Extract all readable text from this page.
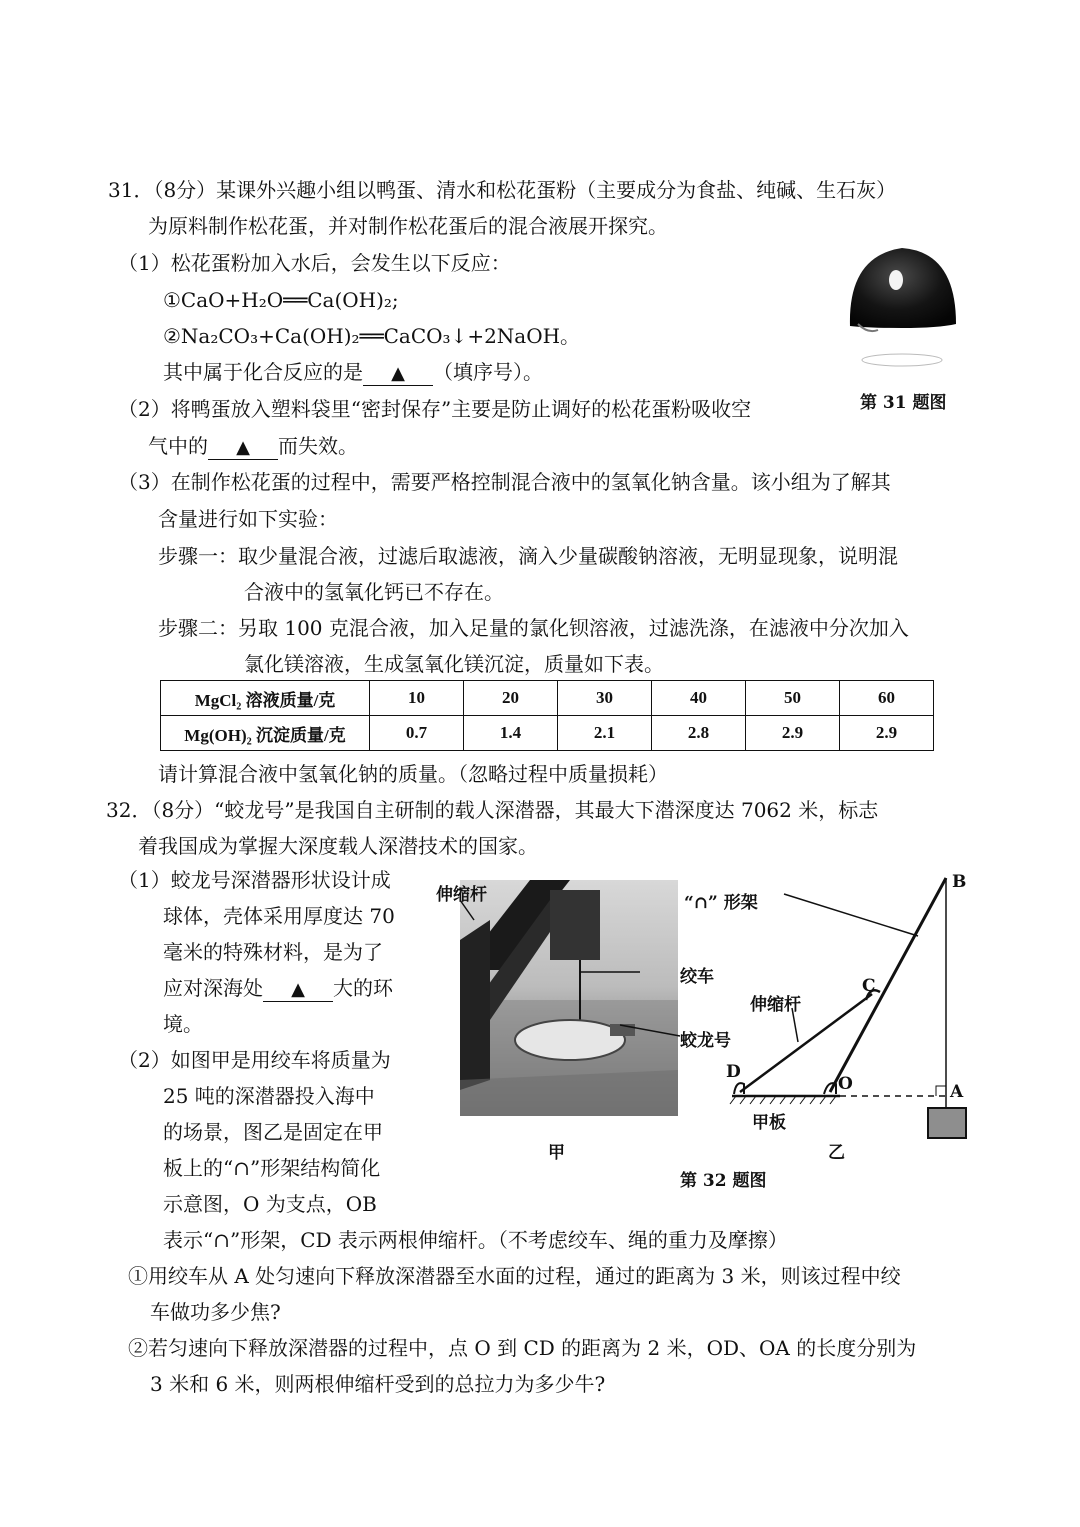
31．（8分）某课外兴趣小组以鸭蛋、清水和松花蛋粉（主要成分为食盐、纯碱、生石灰）
为原料制作松花蛋，并对制作松花蛋后的混合液展开探究。
（1）松花蛋粉加入水后，会发生以下反应：
①CaO+H₂O══Ca(OH)₂;
②Na₂CO₃+Ca(OH)₂══CaCO₃↓+2NaOH。
其中属于化合反应的是 ▲ （填序号）。
（2）将鸭蛋放入塑料袋里“密封保存”主要是防止调好的松花蛋粉吸收空
气中的 ▲ 而失效。
第 31 题图
（3）在制作松花蛋的过程中，需要严格控制混合液中的氢氧化钠含量。该小组为了解其
含量进行如下实验：
步骤一：取少量混合液，过滤后取滤液，滴入少量碳酸钠溶液，无明显现象，说明混
合液中的氢氧化钙已不存在。
步骤二：另取 100 克混合液，加入足量的氯化钡溶液，过滤洗涤，在滤液中分次加入
氯化镁溶液，生成氢氧化镁沉淀，质量如下表。
MgCl₂ 溶液质量/克	10	20	30	40	50	60
Mg(OH)₂ 沉淀质量/克	0.7	1.4	2.1	2.8	2.9	2.9
请计算混合液中氢氧化钠的质量。（忽略过程中质量损耗）
32．（8分）“蛟龙号”是我国自主研制的载人深潜器，其最大下潜深度达 7062 米，标志
着我国成为掌握大深度载人深潜技术的国家。
（1）蛟龙号深潜器形状设计成
球体，壳体采用厚度达 70
毫米的特殊材料，是为了
应对深海处 ▲ 大的环
境。
（2）如图甲是用绞车将质量为
25 吨的深潜器投入海中
的场景，图乙是固定在甲
板上的“∩”形架结构简化
示意图，O 为支点，OB
表示“∩”形架，CD 表示两根伸缩杆。（不考虑绞车、绳的重力及摩擦）
伸缩杆	“∩” 形架
绞车
蛟龙号
甲
B
C
D
O	A
伸缩杆
甲板
乙
第 32 题图
①用绞车从 A 处匀速向下释放深潜器至水面的过程，通过的距离为 3 米，则该过程中绞
车做功多少焦?
②若匀速向下释放深潜器的过程中，点 O 到 CD 的距离为 2 米，OD、OA 的长度分别为
3 米和 6 米，则两根伸缩杆受到的总拉力为多少牛?
